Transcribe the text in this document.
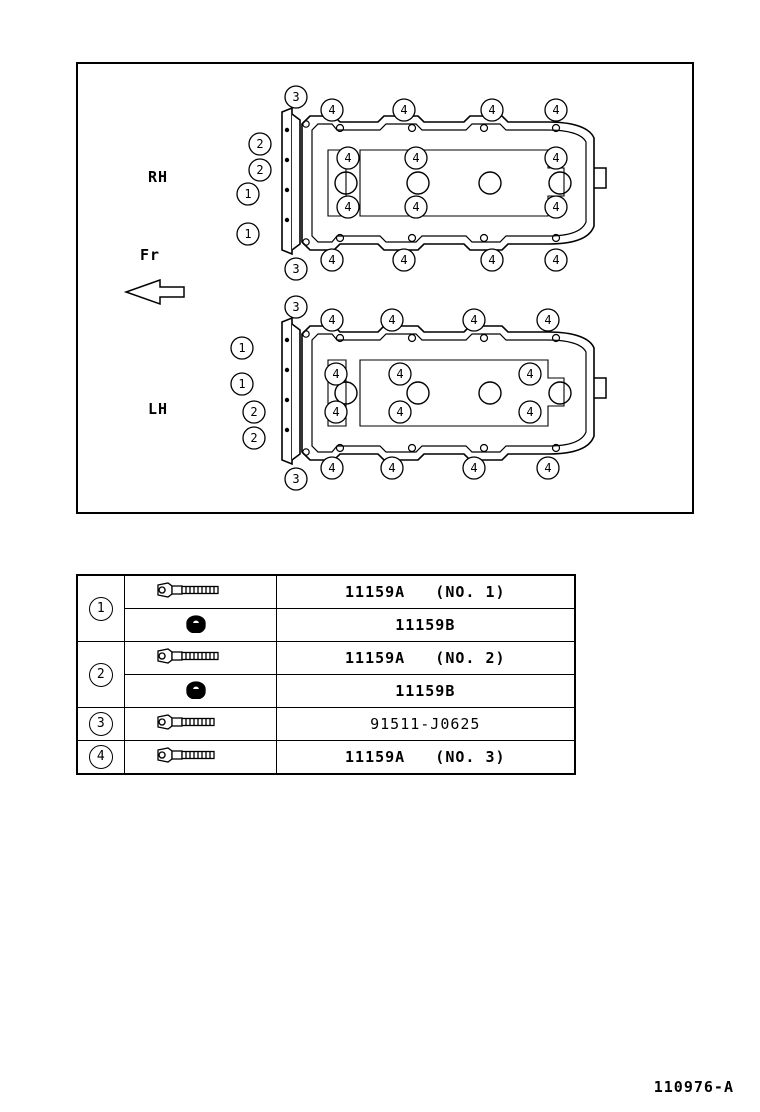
RH
LH
Fr
3
4	4	4	4
4	4	4
4	4	4
2
2
1
1
3
4	4	4	4
3
4	4	4	4
4	4	4
4	4	4
1
1
2
2
3
4	4	4	4
1		11159A   (NO. 1)
	11159B
2		11159A   (NO. 2)
	11159B
3		91511-J0625
4		11159A   (NO. 3)
110976-A
